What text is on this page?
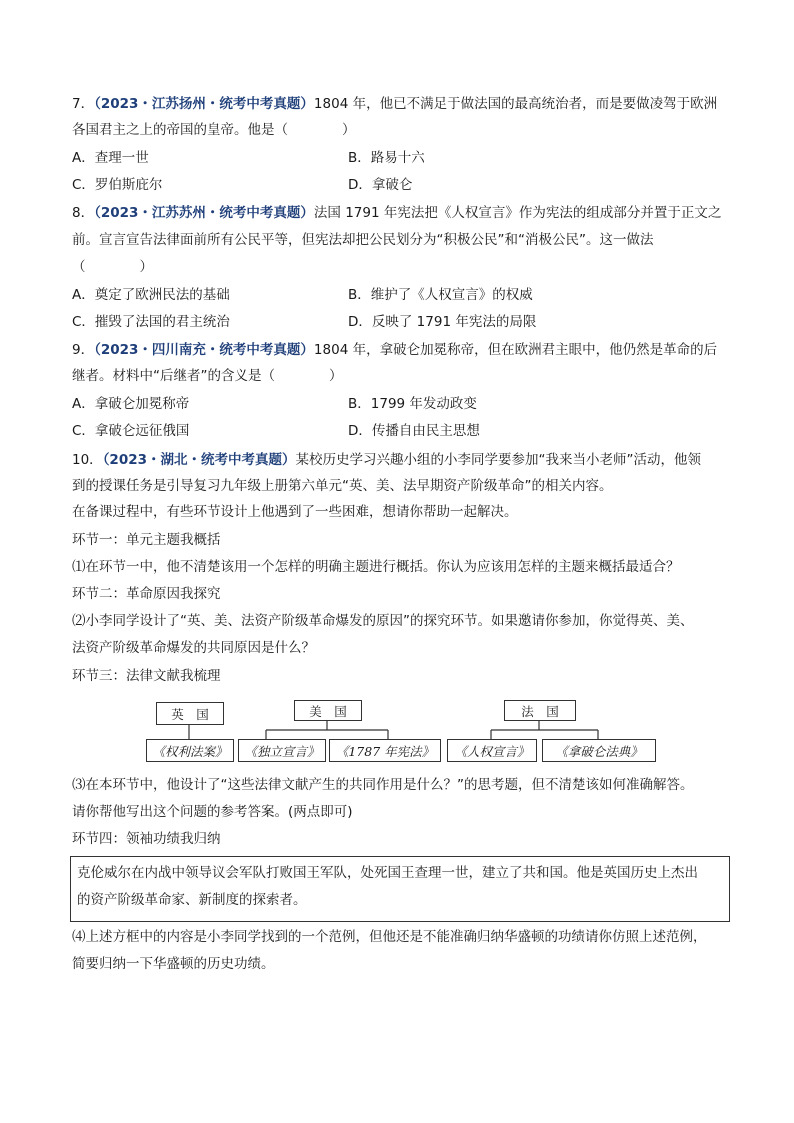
7．（2023・江苏扬州・统考中考真题）1804 年，他已不满足于做法国的最高统治者，而是要做凌驾于欧洲
各国君主之上的帝国的皇帝。他是（　　　　）
A．查理一世	B．路易十六
C．罗伯斯庇尔	D．拿破仑
8．（2023・江苏苏州・统考中考真题）法国 1791 年宪法把《人权宣言》作为宪法的组成部分并置于正文之
前。宣言宣告法律面前所有公民平等，但宪法却把公民划分为“积极公民”和“消极公民”。这一做法
（　　　　）
A．奠定了欧洲民法的基础	B．维护了《人权宣言》的权威
C．摧毁了法国的君主统治	D．反映了 1791 年宪法的局限
9．（2023・四川南充・统考中考真题）1804 年，拿破仑加冕称帝，但在欧洲君主眼中，他仍然是革命的后
继者。材料中“后继者”的含义是（　　　　）
A．拿破仑加冕称帝	B．1799 年发动政变
C．拿破仑远征俄国	D．传播自由民主思想
10．（2023・湖北・统考中考真题）某校历史学习兴趣小组的小李同学要参加“我来当小老师”活动，他领
到的授课任务是引导复习九年级上册第六单元“英、美、法早期资产阶级革命”的相关内容。
在备课过程中，有些环节设计上他遇到了一些困难，想请你帮助一起解决。
环节一：单元主题我概括
⑴在环节一中，他不清楚该用一个怎样的明确主题进行概括。你认为应该用怎样的主题来概括最适合？
环节二：革命原因我探究
⑵小李同学设计了“英、美、法资产阶级革命爆发的原因”的探究环节。如果邀请你参加，你觉得英、美、
法资产阶级革命爆发的共同原因是什么？
环节三：法律文献我梳理
英　国	美　国	法　国
《权利法案》	《独立宣言》	《1787 年宪法》	《人权宣言》	《拿破仑法典》
⑶在本环节中，他设计了“这些法律文献产生的共同作用是什么？”的思考题，但不清楚该如何准确解答。
请你帮他写出这个问题的参考答案。(两点即可)
环节四：领袖功绩我归纳
克伦威尔在内战中领导议会军队打败国王军队，处死国王查理一世，建立了共和国。他是英国历史上杰出
的资产阶级革命家、新制度的探索者。
⑷上述方框中的内容是小李同学找到的一个范例，但他还是不能准确归纳华盛顿的功绩请你仿照上述范例，
简要归纳一下华盛顿的历史功绩。
